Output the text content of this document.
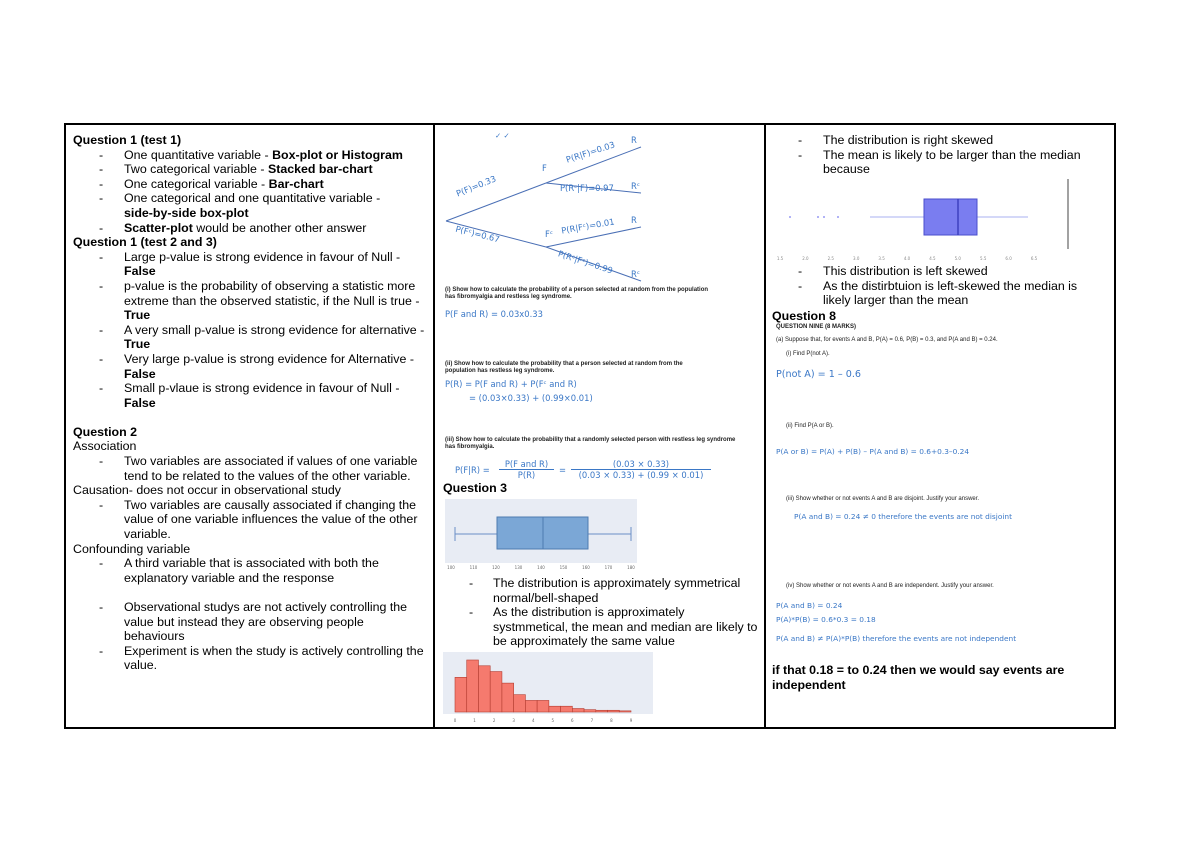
Question 1 (test 1)
- One quantitative variable - Box-plot or Histogram
- Two categorical variable - Stacked bar-chart
- One categorical variable - Bar-chart
- One categorical and one quantitative variable -
side-by-side box-plot
- Scatter-plot would be another other answer
Question 1 (test 2 and 3)
- Large p-value is strong evidence in favour of Null - False
- p-value is the probability of observing a statistic more extreme than the observed statistic, if the Null is true - True
- A very small p-value is strong evidence for alternative - True
- Very large p-value is strong evidence for Alternative - False
- Small p-vlaue is strong evidence in favour of Null - False
Question 2
Association
- Two variables are associated if values of one variable tend to be related to the values of the other variable.
Causation- does not occur in observational study
- Two variables are causally associated if changing the value of one variable influences the value of the other variable.
Confounding variable
- A third variable that is associated with both the explanatory variable and the response
- Observational studys are not actively controlling the value but instead they are observing people behaviours
- Experiment is when the study is actively controlling the value.
✓ ✓
P(F)=0.33
P(Fᶜ)=0.67
F
Fᶜ
P(R|F)=0.03
P(Rᶜ|F)=0.97
P(R|Fᶜ)=0.01
P(Rᶜ|Fᶜ)=0.99
R
Rᶜ
R
Rᶜ
(i) Show how to calculate the probability of a person selected at random from the population has fibromyalgia and restless leg syndrome.
P(F and R) = 0.03x0.33
(ii) Show how to calculate the probability that a person selected at random from the population has restless leg syndrome.
P(R) = P(F and R) + P(Fᶜ and R)
= (0.03×0.33) + (0.99×0.01)
(iii) Show how to calculate the probability that a randomly selected person with restless leg syndrome has fibromyalgia.
P(F|R) =
P(F and R)
P(R)	=
(0.03 × 0.33)
(0.03 × 0.33) + (0.99 × 0.01)
Question 3
100	110	120	130	140	150	160	170	180
- The distribution is approximately symmetrical normal/bell-shaped
- As the distribution is approximately systmmetical, the mean and median are likely to be approximately the same value
0	1	2	3	4	5	6	7	8	9
- The distribution is right skewed
- The mean is likely to be larger than the median because
1.5	2.0	2.5	3.0	3.5	4.0	4.5	5.0	5.5	6.0	6.5
- This distribution is left skewed
- As the distirbtuion is left-skewed the median is likely larger than the mean
Question 8
QUESTION NINE (8 MARKS)
(a) Suppose that, for events A and B, P(A) = 0.6, P(B) = 0.3, and P(A and B) = 0.24.
(i) Find P(not A).
P(not A) = 1 – 0.6
(ii) Find P(A or B).
P(A or B) = P(A) + P(B) – P(A and B) = 0.6+0.3–0.24
(iii) Show whether or not events A and B are disjoint. Justify your answer.
P(A and B) = 0.24 ≠ 0 therefore the events are not disjoint
(iv) Show whether or not events A and B are independent. Justify your answer.
P(A and B) = 0.24
P(A)*P(B) = 0.6*0.3 = 0.18
P(A and B) ≠ P(A)*P(B) therefore the events are not independent
if that 0.18 = to 0.24 then we would say events are independent
